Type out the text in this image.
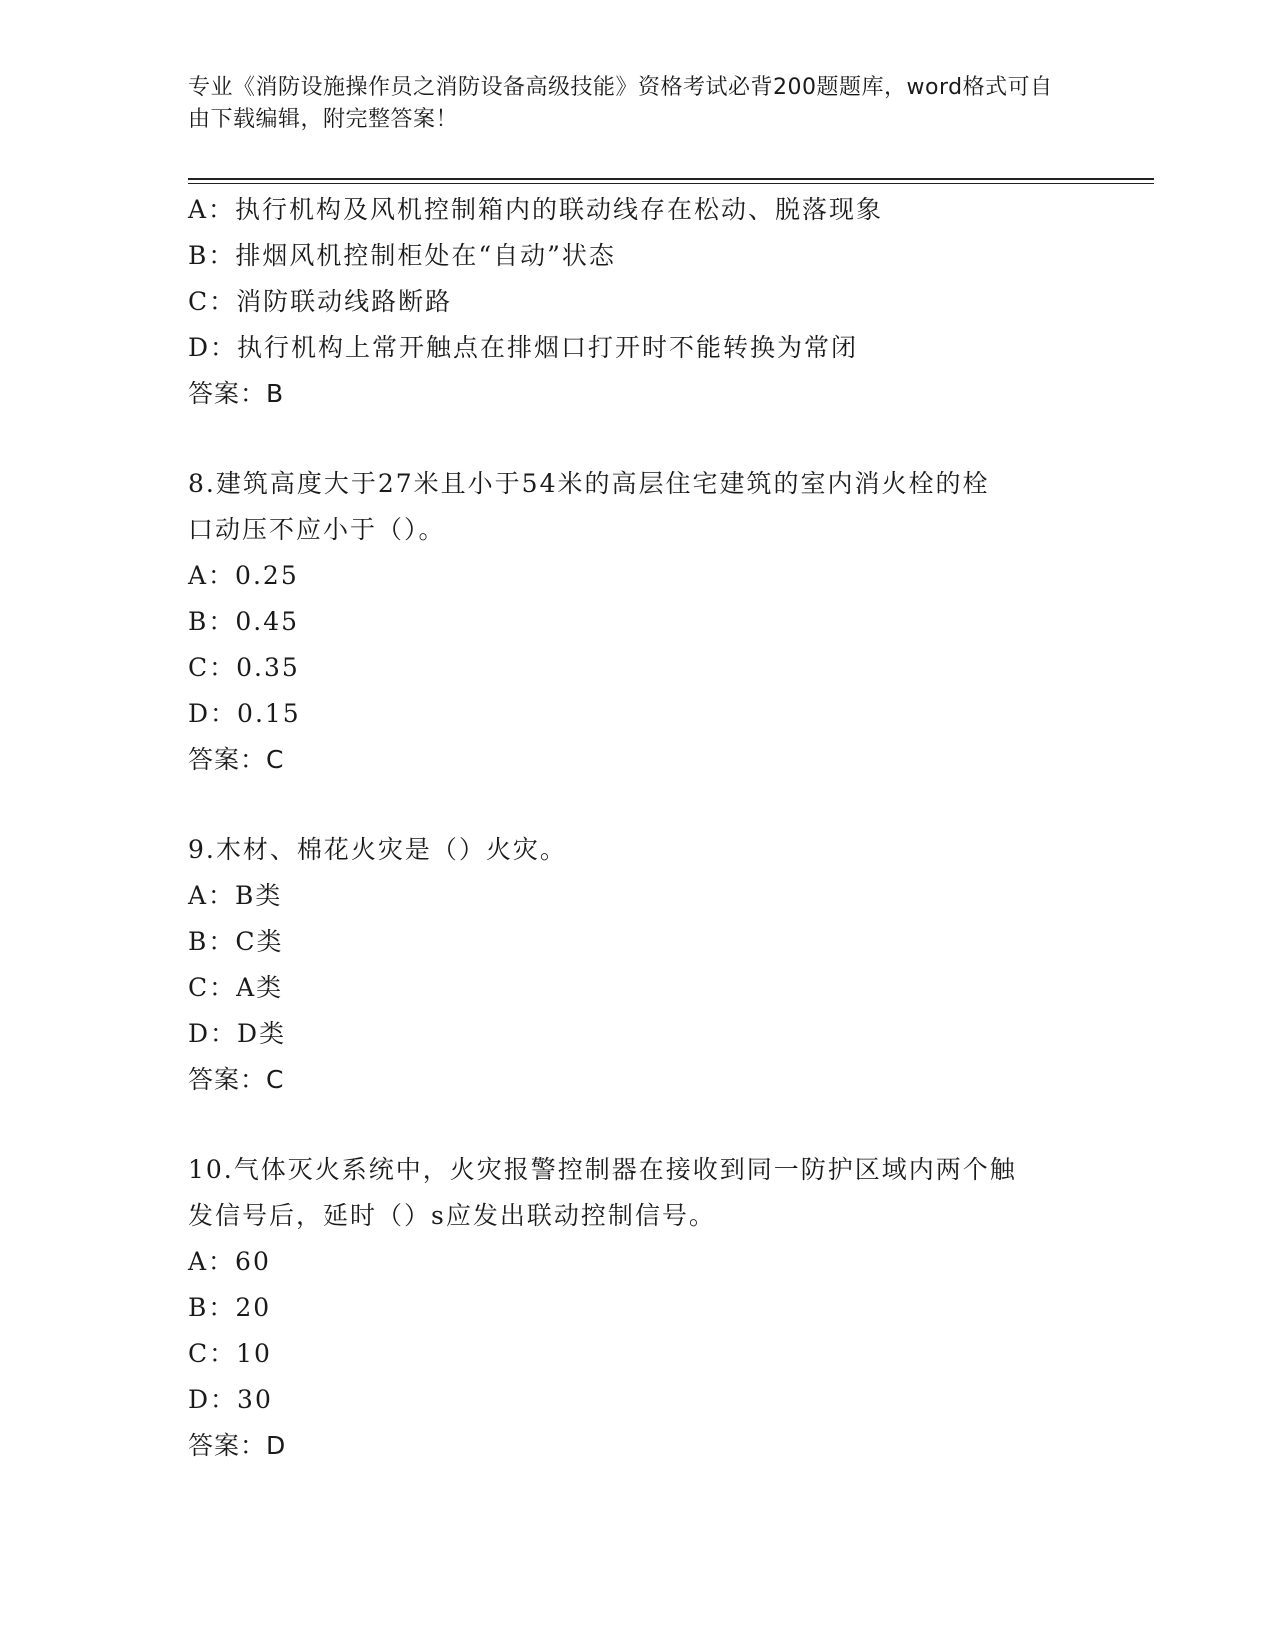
专业《消防设施操作员之消防设备高级技能》资格考试必背200题题库，word格式可自由下载编辑，附完整答案！
A：执行机构及风机控制箱内的联动线存在松动、脱落现象
B：排烟风机控制柜处在“自动”状态
C：消防联动线路断路
D：执行机构上常开触点在排烟口打开时不能转换为常闭
答案：B
8.建筑高度大于27米且小于54米的高层住宅建筑的室内消火栓的栓
口动压不应小于（）。
A：0.25
B：0.45
C：0.35
D：0.15
答案：C
9.木材、棉花火灾是（）火灾。
A：B类
B：C类
C：A类
D：D类
答案：C
10.气体灭火系统中，火灾报警控制器在接收到同一防护区域内两个触
发信号后，延时（）s应发出联动控制信号。
A：60
B：20
C：10
D：30
答案：D
